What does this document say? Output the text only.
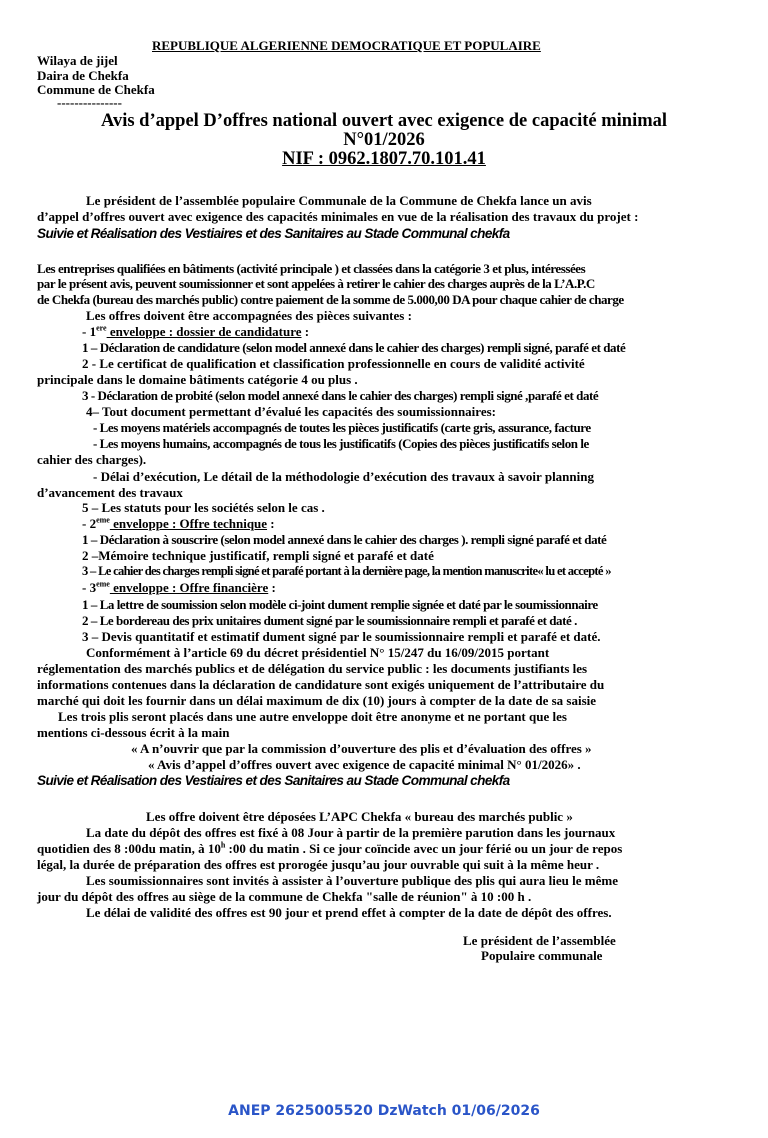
REPUBLIQUE ALGERIENNE DEMOCRATIQUE ET POPULAIRE
Wilaya de jijel
Daira de Chekfa
Commune de Chekfa
---------------
Avis d’appel D’offres national ouvert avec exigence de capacité minimal
N°01/2026
NIF : 0962.1807.70.101.41
Le président de l’assemblée populaire Communale de la Commune de Chekfa lance un avis
d’appel d’offres ouvert avec exigence des capacités minimales en vue de la réalisation des travaux du projet :
Suivie et Réalisation des Vestiaires et des Sanitaires au Stade Communal chekfa
Les entreprises qualifiées en bâtiments (activité principale ) et classées dans la catégorie 3 et plus, intéressées
par le présent avis, peuvent soumissionner et sont appelées à retirer le cahier des charges auprès de la L’A.P.C
de Chekfa (bureau des marchés public) contre paiement de la somme de 5.000,00 DA pour chaque cahier de charge
Les offres doivent être accompagnées des pièces suivantes :
- 1ere enveloppe : dossier de candidature :
1 – Déclaration de candidature (selon model annexé dans le cahier des charges) rempli signé, parafé et daté
2 - Le certificat de qualification et classification professionnelle en cours de validité activité
principale dans le domaine bâtiments catégorie 4 ou plus .
3 - Déclaration de probité (selon model annexé dans le cahier des charges) rempli signé ,parafé et daté
4– Tout document permettant d’évalué les capacités des soumissionnaires:
- Les moyens matériels accompagnés de toutes les pièces justificatifs (carte gris, assurance, facture
- Les moyens humains, accompagnés de tous les justificatifs (Copies des pièces justificatifs selon le
cahier des charges).
- Délai d’exécution, Le détail de la méthodologie d’exécution des travaux à savoir planning
d’avancement des travaux
5 – Les statuts pour les sociétés selon le cas .
- 2eme enveloppe : Offre technique :
1 – Déclaration à souscrire (selon model annexé dans le cahier des charges ). rempli signé parafé et daté
2 –Mémoire technique justificatif, rempli signé et parafé et daté
3 – Le cahier des charges rempli signé et parafé portant à la dernière page, la mention manuscrite« lu et accepté »
- 3eme enveloppe : Offre financière :
1 – La lettre de soumission selon modèle ci-joint dument remplie signée et daté par le soumissionnaire
2 – Le bordereau des prix unitaires dument signé par le soumissionnaire rempli et parafé et daté .
3 – Devis quantitatif et estimatif dument signé par le soumissionnaire rempli et parafé et daté.
Conformément à l’article 69 du décret présidentiel N° 15/247 du 16/09/2015 portant
réglementation des marchés publics et de délégation du service public : les documents justifiants les
informations contenues dans la déclaration de candidature sont exigés uniquement de l’attributaire du
marché qui doit les fournir dans un délai maximum de dix (10) jours à compter de la date de sa saisie
Les trois plis seront placés dans une autre enveloppe doit être anonyme et ne portant que les
mentions ci-dessous écrit à la main
« A n’ouvrir que par la commission d’ouverture des plis et d’évaluation des offres »
« Avis d’appel d’offres ouvert avec exigence de capacité minimal N° 01/2026» .
Suivie et Réalisation des Vestiaires et des Sanitaires au Stade Communal chekfa
Les offre doivent être déposées L’APC Chekfa « bureau des marchés public »
La date du dépôt des offres est fixé à 08 Jour à partir de la première parution dans les journaux
quotidien des 8 :00du matin, à 10$^h$ :00 du matin . Si ce jour coïncide avec un jour férié ou un jour de repos
légal, la durée de préparation des offres est prorogée jusqu’au jour ouvrable qui suit à la même heur .
Les soumissionnaires sont invités à assister à l’ouverture publique des plis qui aura lieu le même
jour du dépôt des offres au siège de la commune de Chekfa "salle de réunion" à 10 :00 h .
Le délai de validité des offres est 90 jour et prend effet à compter de la date de dépôt des offres.
Le président de l’assemblée
Populaire communale
ANEP 2625005520 DzWatch 01/06/2026
